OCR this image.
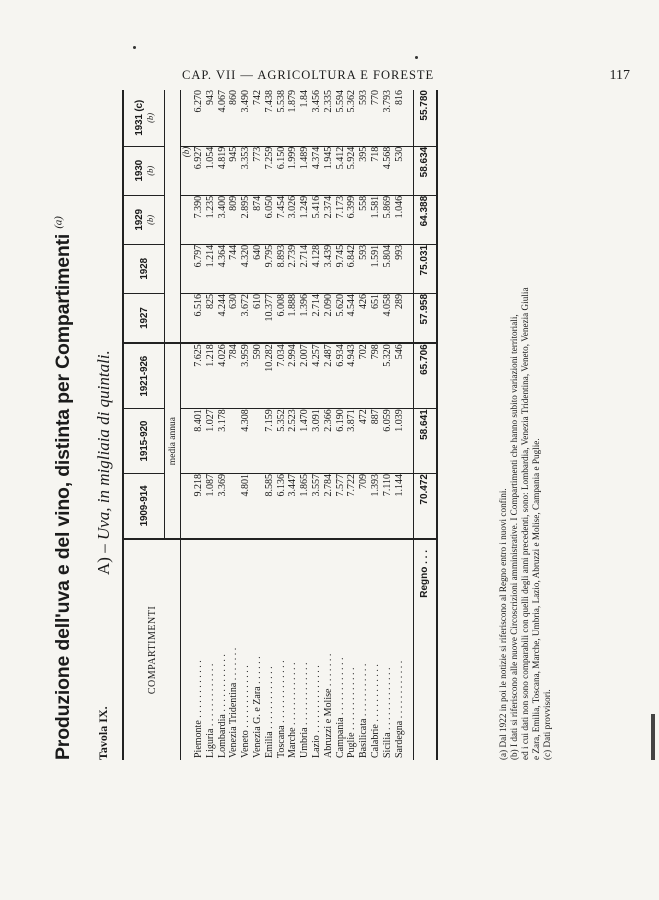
CAP. VII — AGRICOLTURA E FORESTE	117
Produzione dell'uva e del vino, distinta per Compartimenti $^{(a)}$
Tavola IX.
A) – Uva, in migliaia di quintali.
COMPARTIMENTI	1909-914	1915-920	1921-926	1927	1928	1929 (b)	1930 (b)	1931 (c) (b)

	media annua							
							(b)	
Piemonte . . . . . . . . . . . .	9.218	8.401	7.625	6.516	6.797	7.390	6.927	6.270
Liguria . . . . . . . . . . . . .	1.087	1.027	1.218	825	1.214	1.235	1.054	943
Lombardia . . . . . . . . . . . .	3.369	3.178	4.026	4.244	4.364	3.400	4.819	4.067
Venezia Tridentina . . . . . . .			784	630	744	809	945	860
Veneto . . . . . . . . . . . . .	4.801	4.308	3.959	3.672	4.320	2.895	3.353	3.490
Venezia G. e Zara . . . . . .			590	610	640	874	773	742
Emilia . . . . . . . . . . . . .	8.585	7.159	10.282	10.377	9.795	6.050	7.259	7.438
Toscana . . . . . . . . . . . . .	6.136	5.352	7.034	6.008	8.893	7.454	6.150	5.538
Marche . . . . . . . . . . . . .	3.447	2.523	2.994	1.888	2.739	3.026	1.999	1.879
Umbria . . . . . . . . . . . . .	1.865	1.470	2.007	1.396	2.714	1.249	1.489	1.84
Lazio . . . . . . . . . . . . . .	3.557	3.091	4.257	2.714	4.128	5.416	4.374	3.456
Abruzzi e Molise . . . . . . .	2.784	2.366	2.487	2.090	3.439	2.374	1.945	2.335
Campania . . . . . . . . . . . .	7.577	6.190	6.934	5.620	9.745	7.173	5.412	5.594
Puglie . . . . . . . . . . . . .	7.722	3.871	4.943	4.544	6.842	6.399	5.924	5.362
Basilicata . . . . . . . . . . .	709	472	702	426	593	558	395	593
Calabrie . . . . . . . . . . . .	1.393	887	798	651	1.591	1.581	718	770
Sicilia . . . . . . . . . . . . .	7.110	6.059	5.320	4.058	5.804	5.869	4.568	3.793
Sardegna . . . . . . . . . . . .	1.144	1.039	546	289	993	1.046	530	816

Regno . . .	70.472	58.641	65.706	57.958	75.031	64.388	58.634	55.780
(a) Dal 1922 in poi le notizie si riferiscono al Regno entro i nuovi confini. (b) I dati si riferiscono alle nuove Circoscrizioni amministrative. I Compartimenti che hanno subito variazioni territoriali, ed i cui dati non sono comparabili con quelli degli anni precedenti, sono: Lombardia, Venezia Tridentina, Veneto, Venezia Giulia e Zara, Emilia, Toscana, Marche, Umbria, Lazio, Abruzzi e Molise, Campania e Puglie. (c) Dati provvisori.
